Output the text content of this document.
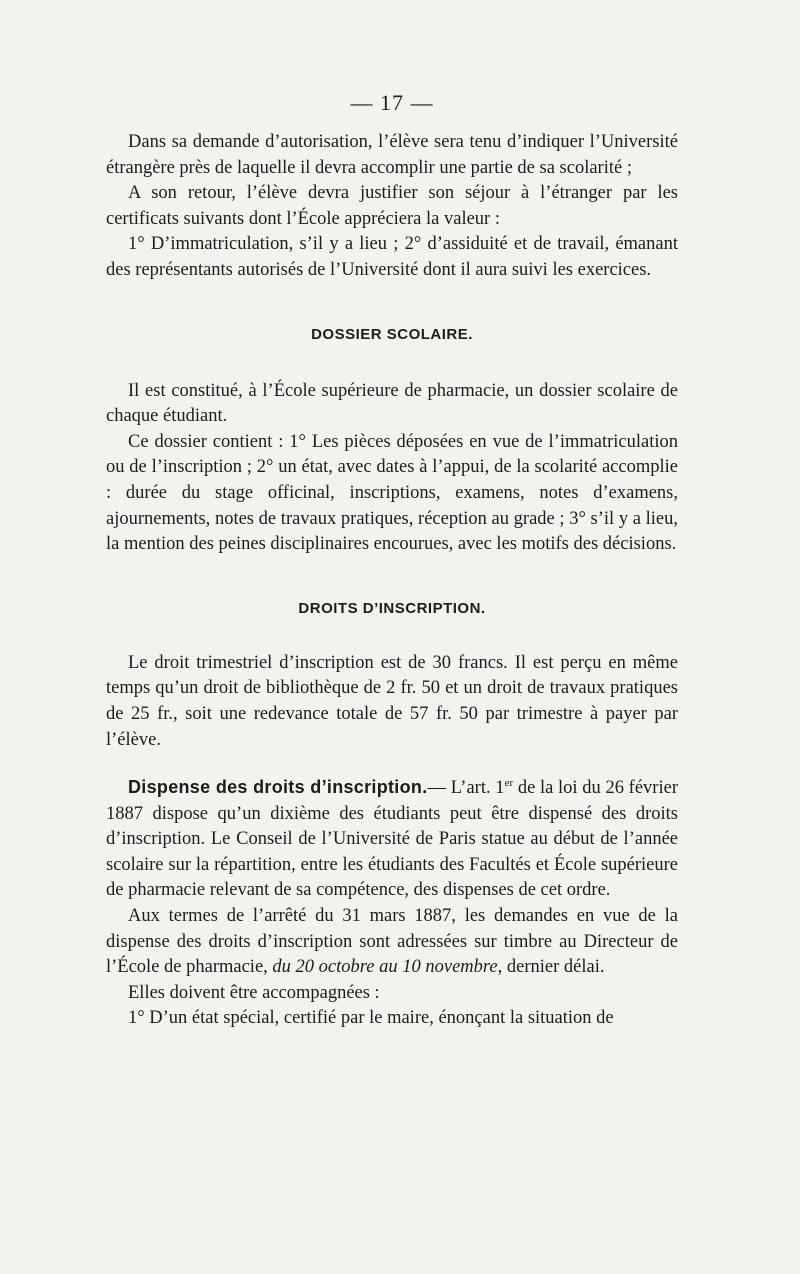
— 17 —

Dans sa demande d’autorisation, l’élève sera tenu d’indiquer l’Université étrangère près de laquelle il devra accomplir une partie de sa scolarité ;

A son retour, l’élève devra justifier son séjour à l’étranger par les certificats suivants dont l’École appréciera la valeur :

1° D’immatriculation, s’il y a lieu ; 2° d’assiduité et de travail, émanant des représentants autorisés de l’Université dont il aura suivi les exercices.

DOSSIER SCOLAIRE.

Il est constitué, à l’École supérieure de pharmacie, un dossier scolaire de chaque étudiant.

Ce dossier contient : 1° Les pièces déposées en vue de l’immatriculation ou de l’inscription ; 2° un état, avec dates à l’appui, de la scolarité accomplie : durée du stage officinal, inscriptions, examens, notes d’examens, ajournements, notes de travaux pratiques, réception au grade ; 3° s’il y a lieu, la mention des peines disciplinaires encourues, avec les motifs des décisions.

DROITS D’INSCRIPTION.

Le droit trimestriel d’inscription est de 30 francs. Il est perçu en même temps qu’un droit de bibliothèque de 2 fr. 50 et un droit de travaux pratiques de 25 fr., soit une redevance totale de 57 fr. 50 par trimestre à payer par l’élève.

Dispense des droits d’inscription.— L’art. 1er de la loi du 26 février 1887 dispose qu’un dixième des étudiants peut être dispensé des droits d’inscription. Le Conseil de l’Université de Paris statue au début de l’année scolaire sur la répartition, entre les étudiants des Facultés et École supérieure de pharmacie relevant de sa compétence, des dispenses de cet ordre.

Aux termes de l’arrêté du 31 mars 1887, les demandes en vue de la dispense des droits d’inscription sont adressées sur timbre au Directeur de l’École de pharmacie, du 20 octobre au 10 novembre, dernier délai.

Elles doivent être accompagnées :

1° D’un état spécial, certifié par le maire, énonçant la situation de
